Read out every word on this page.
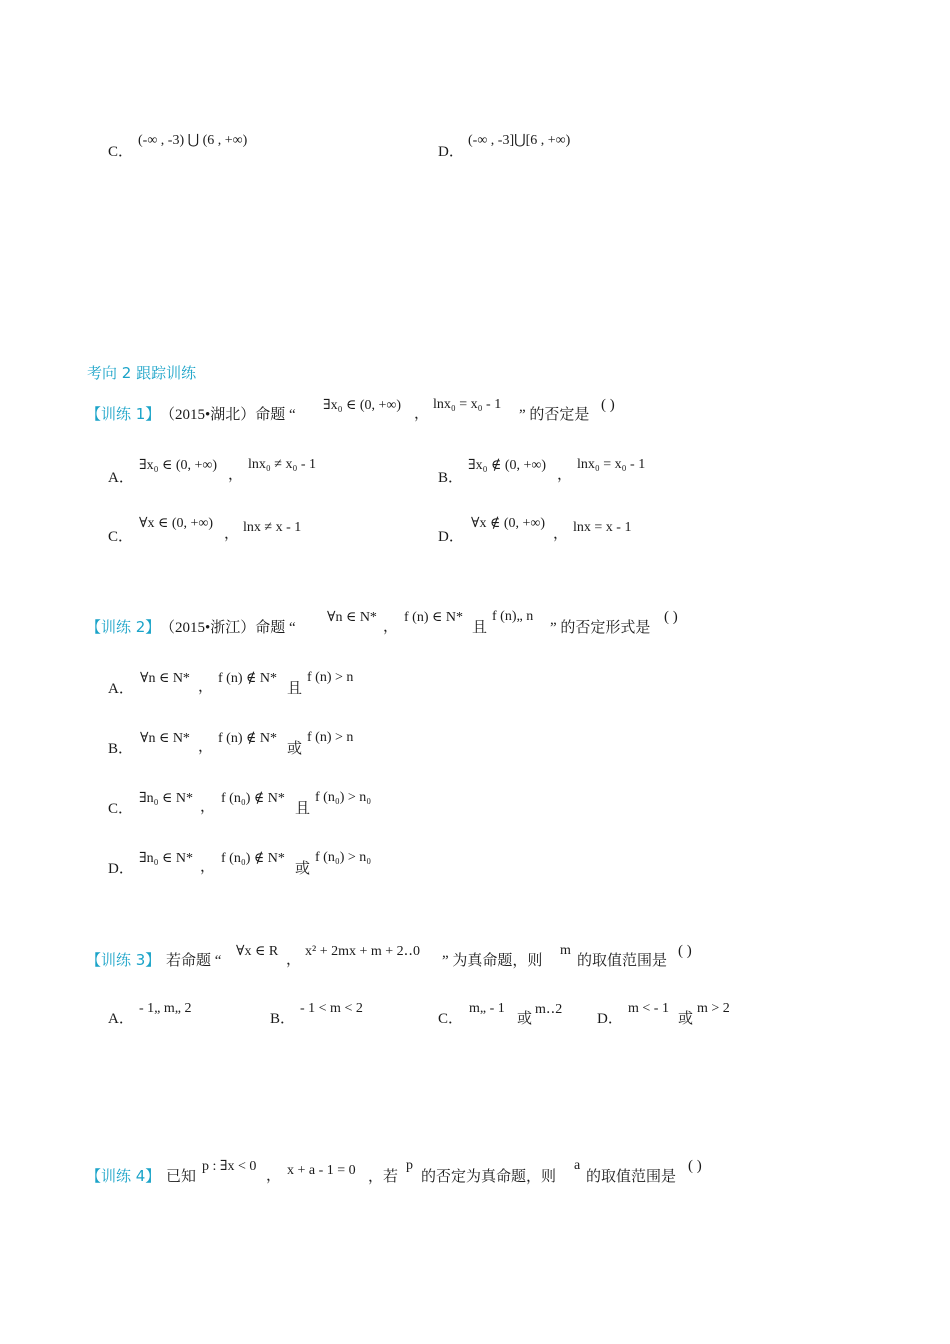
C．
(-∞ , -3) ⋃ (6 , +∞)
D．
(-∞ , -3]⋃[6 , +∞)
考向 2 跟踪训练
【训练 1】 （2015•湖北）命题 “
∃x₀ ∈ (0, +∞)
，
lnx₀ = x₀ - 1
” 的否定是
( )
A．
∃x₀ ∈ (0, +∞)
，
lnx₀ ≠ x₀ - 1
B．
∃x₀ ∉ (0, +∞)
，
lnx₀ = x₀ - 1
C．
∀x ∈ (0, +∞)
， lnx ≠ x - 1
D．
∀x ∉ (0, +∞)
， lnx = x - 1
【训练 2】 （2015•浙江）命题 “
∀n ∈ N*
，
f (n) ∈ N*
且
f (n)„ n
” 的否定形式是
( )
A．
∀n ∈ N*
，
f (n) ∉ N*
且
f (n) > n
B．
∀n ∈ N*
，
f (n) ∉ N*
或
f (n) > n
C．
∃n₀ ∈ N*
，
f (n₀) ∉ N*
且
f (n₀) > n₀
D．
∃n₀ ∈ N*
，
f (n₀) ∉ N*
或
f (n₀) > n₀
【训练 3】 若命题 “
∀x ∈ R
，
x² + 2mx + m + 2‥0
” 为真命题，则
m
的取值范围是
( )
A．
- 1„ m„ 2
B．
- 1 < m < 2
C．
m„ - 1
或
m‥2
D．
m < - 1
或
m > 2
【训练 4】 已知
p : ∃x < 0
， x + a - 1 = 0 ，若
p
的否定为真命题，则
a
的取值范围是
( )
